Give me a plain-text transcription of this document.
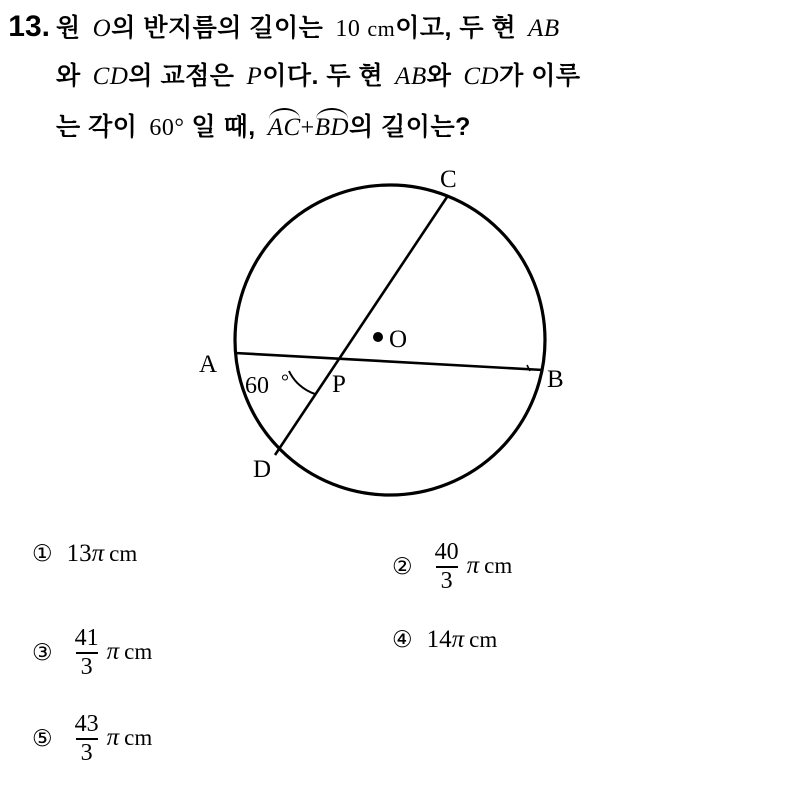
13. 원 O의 반지름의 길이는 10 cm이고, 두 현 AB
와 CD의 교점은 P이다. 두 현 AB와 CD가 이루
는 각이 60° 일 때, AC+BD의 길이는?
O
A
B
C
D
P
60 °
① 13π cm
② $\frac{40}{3}$ π cm
③ $\frac{41}{3}$ π cm	④ 14π cm
⑤ $\frac{43}{3}$ π cm
